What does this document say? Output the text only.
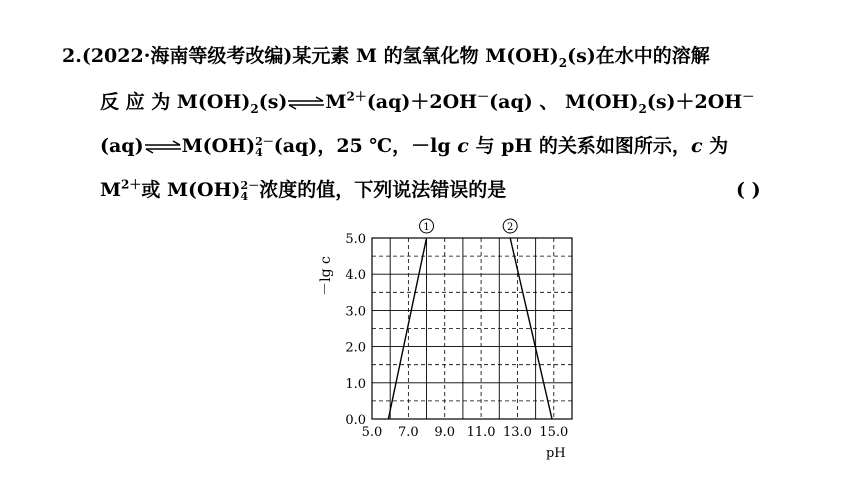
2.(2022·海南等级考改编)某元素 M 的氢氧化物 $M(OH)_2(s)$在水中的溶解
反 应 为 $M(OH)_2(s)\rightleftharpoons M^{2+}(aq)+2OH^-(aq)$ 、 $M(OH)_2(s)+2OH^-$
(aq)⇌M(OH) 2－
4 (aq)，25 ℃，－lg c 与 pH 的关系如图所示，c 为
$M^{2+}$或 M(OH) 2－
4 浓度的值，下列说法错误的是	( )
1	2
0.0
1.0
2.0
3.0
4.0
5.0
5.0 7.0 9.0 11.0 13.0 15.0
－lg c
pH
